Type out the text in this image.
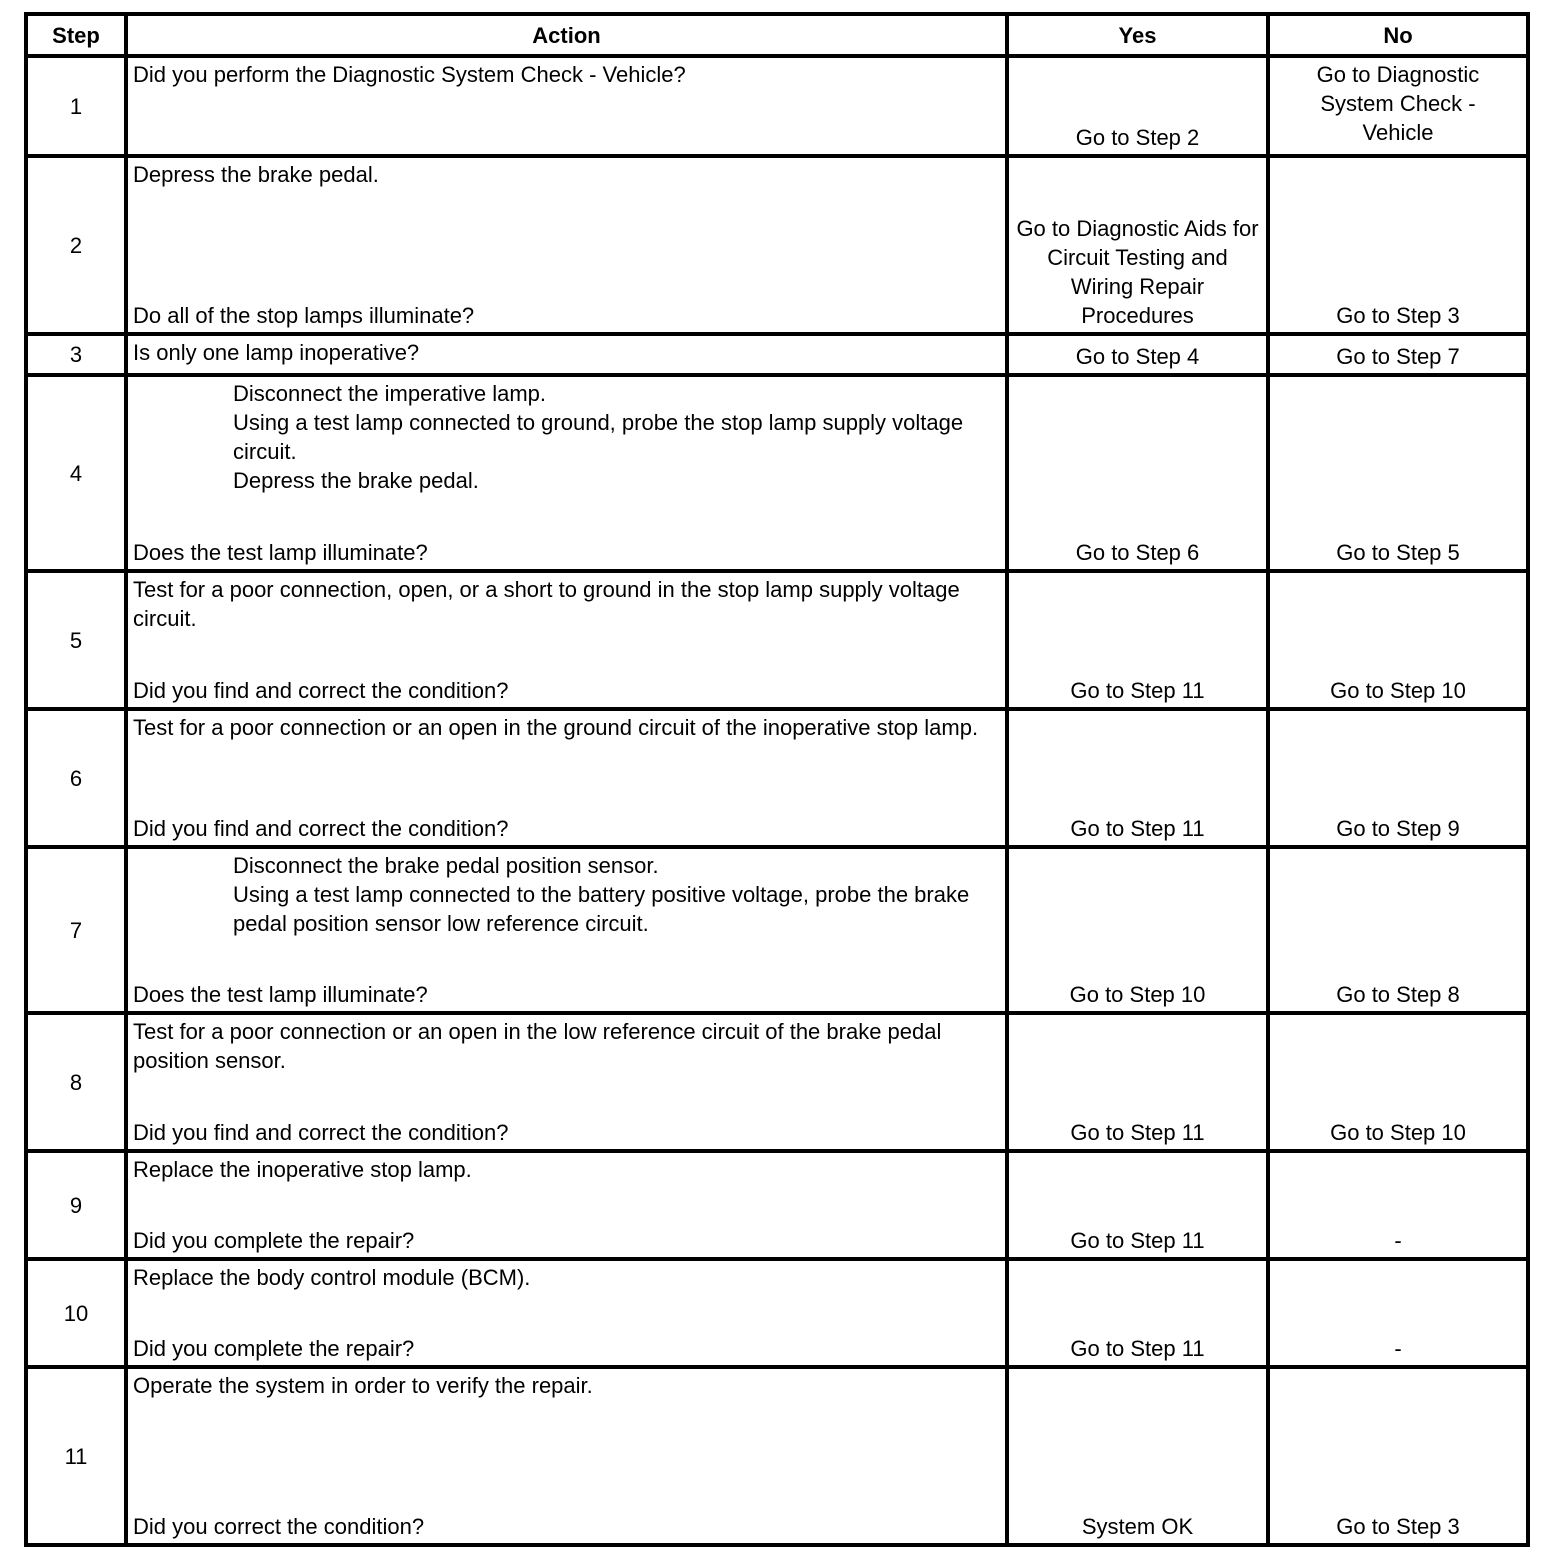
Step	Action	Yes	No
1	Did you perform the Diagnostic System Check - Vehicle?	Go to Step 2	Go to Diagnostic System Check - Vehicle
2	Depress the brake pedal.
Do all of the stop lamps illuminate?	Go to Diagnostic Aids for Circuit Testing and Wiring Repair Procedures	Go to Step 3
3	Is only one lamp inoperative?	Go to Step 4	Go to Step 7
4	Disconnect the imperative lamp.
Using a test lamp connected to ground, probe the stop lamp supply voltage circuit.
Depress the brake pedal.
Does the test lamp illuminate?	Go to Step 6	Go to Step 5
5	Test for a poor connection, open, or a short to ground in the stop lamp supply voltage circuit.
Did you find and correct the condition?	Go to Step 11	Go to Step 10
6	Test for a poor connection or an open in the ground circuit of the inoperative stop lamp.
Did you find and correct the condition?	Go to Step 11	Go to Step 9
7	Disconnect the brake pedal position sensor.
Using a test lamp connected to the battery positive voltage, probe the brake pedal position sensor low reference circuit.
Does the test lamp illuminate?	Go to Step 10	Go to Step 8
8	Test for a poor connection or an open in the low reference circuit of the brake pedal position sensor.
Did you find and correct the condition?	Go to Step 11	Go to Step 10
9	Replace the inoperative stop lamp.
Did you complete the repair?	Go to Step 11	-
10	Replace the body control module (BCM).
Did you complete the repair?	Go to Step 11	-
11	Operate the system in order to verify the repair.
Did you correct the condition?	System OK	Go to Step 3
